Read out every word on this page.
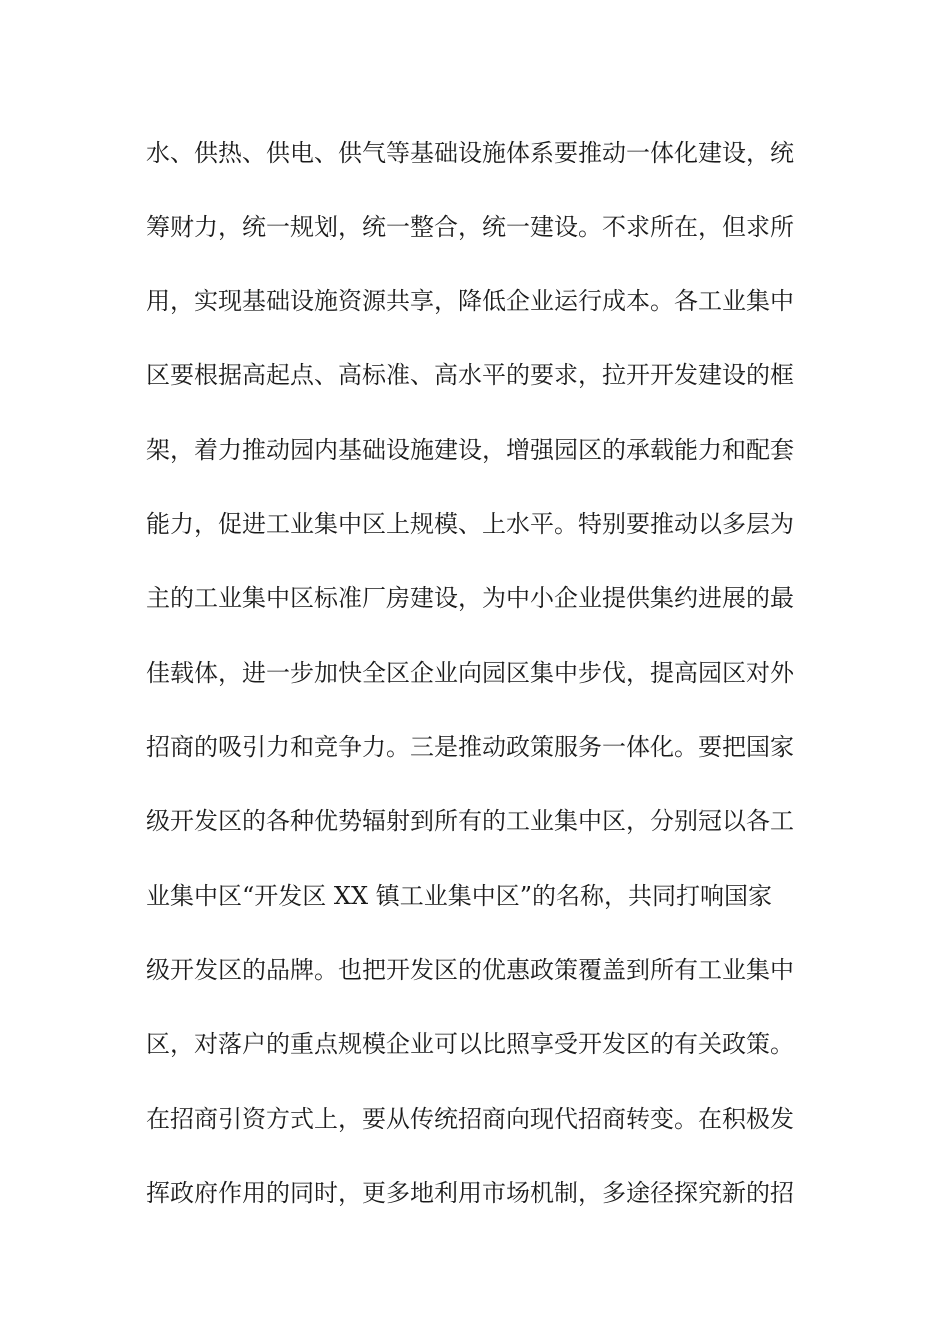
水、供热、供电、供气等基础设施体系要推动一体化建设，统
筹财力，统一规划，统一整合，统一建设。不求所在，但求所
用，实现基础设施资源共享，降低企业运行成本。各工业集中
区要根据高起点、高标准、高水平的要求，拉开开发建设的框
架，着力推动园内基础设施建设，增强园区的承载能力和配套
能力，促进工业集中区上规模、上水平。特别要推动以多层为
主的工业集中区标准厂房建设，为中小企业提供集约进展的最
佳载体，进一步加快全区企业向园区集中步伐，提高园区对外
招商的吸引力和竞争力。三是推动政策服务一体化。要把国家
级开发区的各种优势辐射到所有的工业集中区，分别冠以各工
业集中区“开发区 XX 镇工业集中区”的名称，共同打响国家
级开发区的品牌。也把开发区的优惠政策覆盖到所有工业集中
区，对落户的重点规模企业可以比照享受开发区的有关政策。
在招商引资方式上，要从传统招商向现代招商转变。在积极发
挥政府作用的同时，更多地利用市场机制，多途径探究新的招
